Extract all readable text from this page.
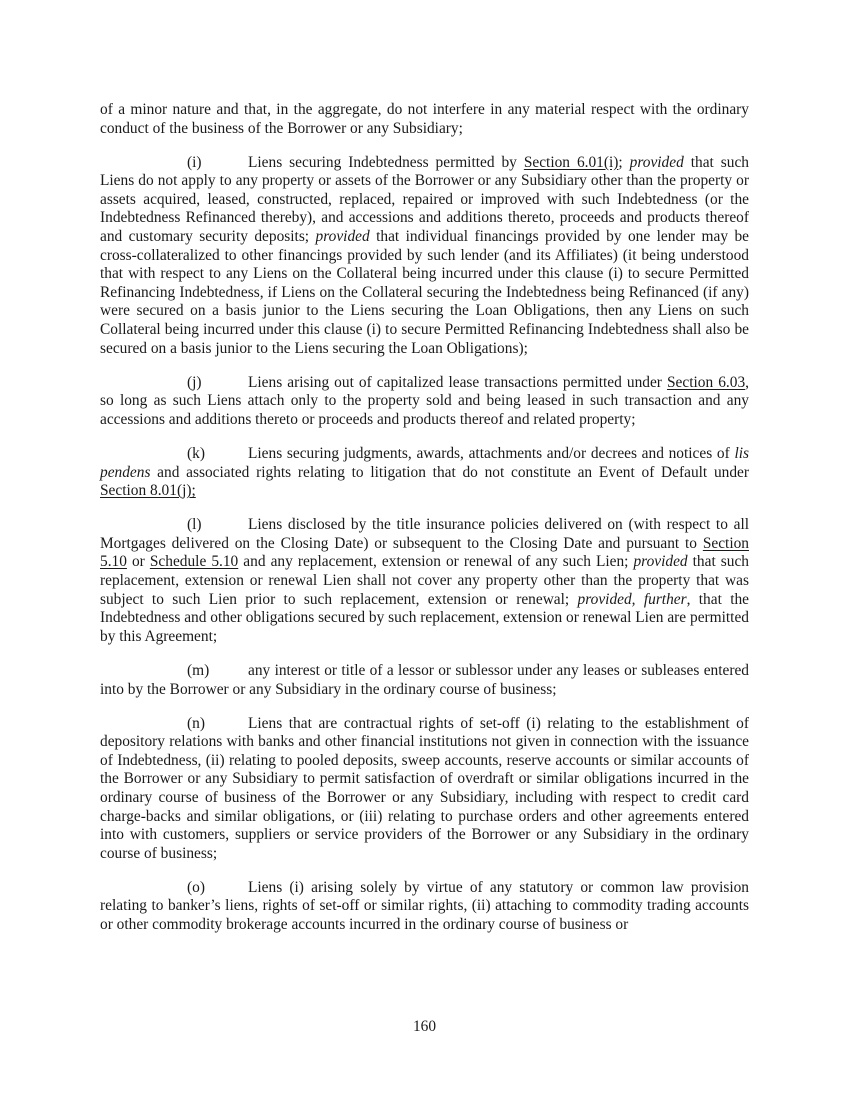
of a minor nature and that, in the aggregate, do not interfere in any material respect with the ordinary conduct of the business of the Borrower or any Subsidiary;

(i)	Liens securing Indebtedness permitted by Section 6.01(i); provided that such Liens do not apply to any property or assets of the Borrower or any Subsidiary other than the property or assets acquired, leased, constructed, replaced, repaired or improved with such Indebtedness (or the Indebtedness Refinanced thereby), and accessions and additions thereto, proceeds and products thereof and customary security deposits; provided that individual financings provided by one lender may be cross-collateralized to other financings provided by such lender (and its Affiliates) (it being understood that with respect to any Liens on the Collateral being incurred under this clause (i) to secure Permitted Refinancing Indebtedness, if Liens on the Collateral securing the Indebtedness being Refinanced (if any) were secured on a basis junior to the Liens securing the Loan Obligations, then any Liens on such Collateral being incurred under this clause (i) to secure Permitted Refinancing Indebtedness shall also be secured on a basis junior to the Liens securing the Loan Obligations);

(j)	Liens arising out of capitalized lease transactions permitted under Section 6.03, so long as such Liens attach only to the property sold and being leased in such transaction and any accessions and additions thereto or proceeds and products thereof and related property;

(k)	Liens securing judgments, awards, attachments and/or decrees and notices of lis pendens and associated rights relating to litigation that do not constitute an Event of Default under Section 8.01(j);

(l)	Liens disclosed by the title insurance policies delivered on (with respect to all Mortgages delivered on the Closing Date) or subsequent to the Closing Date and pursuant to Section 5.10 or Schedule 5.10 and any replacement, extension or renewal of any such Lien; provided that such replacement, extension or renewal Lien shall not cover any property other than the property that was subject to such Lien prior to such replacement, extension or renewal; provided, further, that the Indebtedness and other obligations secured by such replacement, extension or renewal Lien are permitted by this Agreement;

(m)	any interest or title of a lessor or sublessor under any leases or subleases entered into by the Borrower or any Subsidiary in the ordinary course of business;

(n)	Liens that are contractual rights of set-off (i) relating to the establishment of depository relations with banks and other financial institutions not given in connection with the issuance of Indebtedness, (ii) relating to pooled deposits, sweep accounts, reserve accounts or similar accounts of the Borrower or any Subsidiary to permit satisfaction of overdraft or similar obligations incurred in the ordinary course of business of the Borrower or any Subsidiary, including with respect to credit card charge-backs and similar obligations, or (iii) relating to purchase orders and other agreements entered into with customers, suppliers or service providers of the Borrower or any Subsidiary in the ordinary course of business;

(o)	Liens (i) arising solely by virtue of any statutory or common law provision relating to banker’s liens, rights of set-off or similar rights, (ii) attaching to commodity trading accounts or other commodity brokerage accounts incurred in the ordinary course of business or

160
